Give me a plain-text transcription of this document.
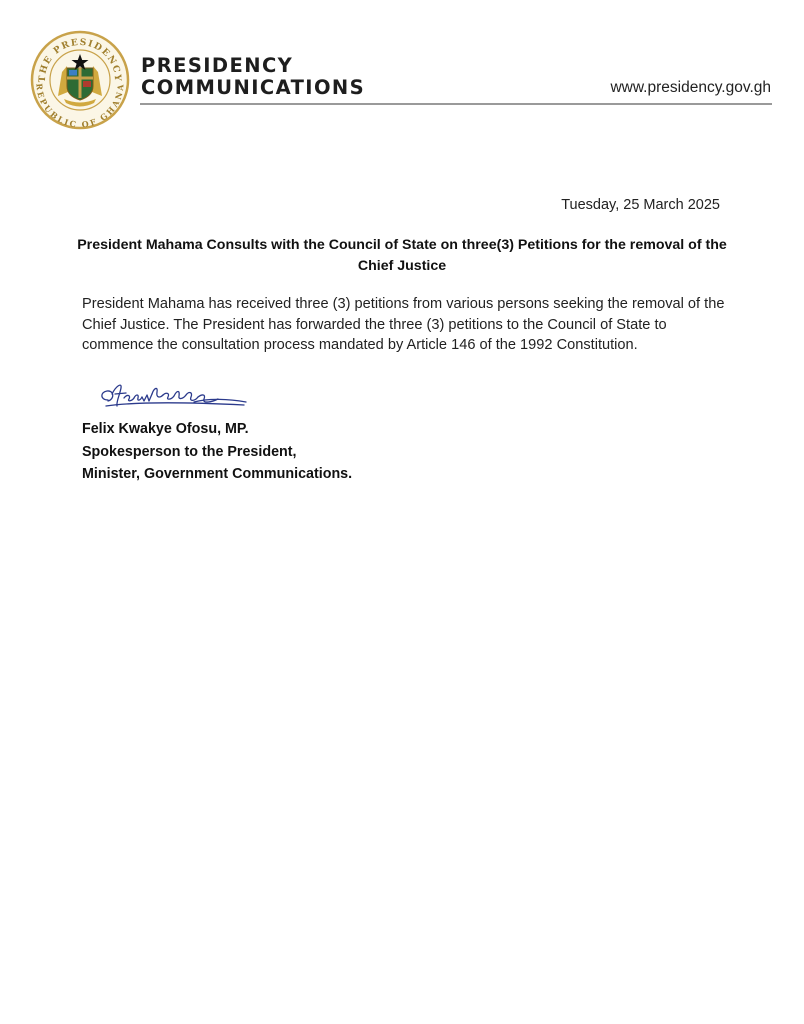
THE PRESIDENCY
REPUBLIC OF GHANA
PRESIDENCY
COMMUNICATIONS	www.presidency.gov.gh
Tuesday, 25 March 2025
President Mahama Consults with the Council of State on three(3) Petitions for the removal of the Chief Justice
President Mahama has received three (3) petitions from various persons seeking the removal of the Chief Justice. The President has forwarded the three (3) petitions to the Council of State to commence the consultation process mandated by Article 146 of the 1992 Constitution.
Felix Kwakye Ofosu, MP.
Spokesperson to the President,
Minister, Government Communications.
